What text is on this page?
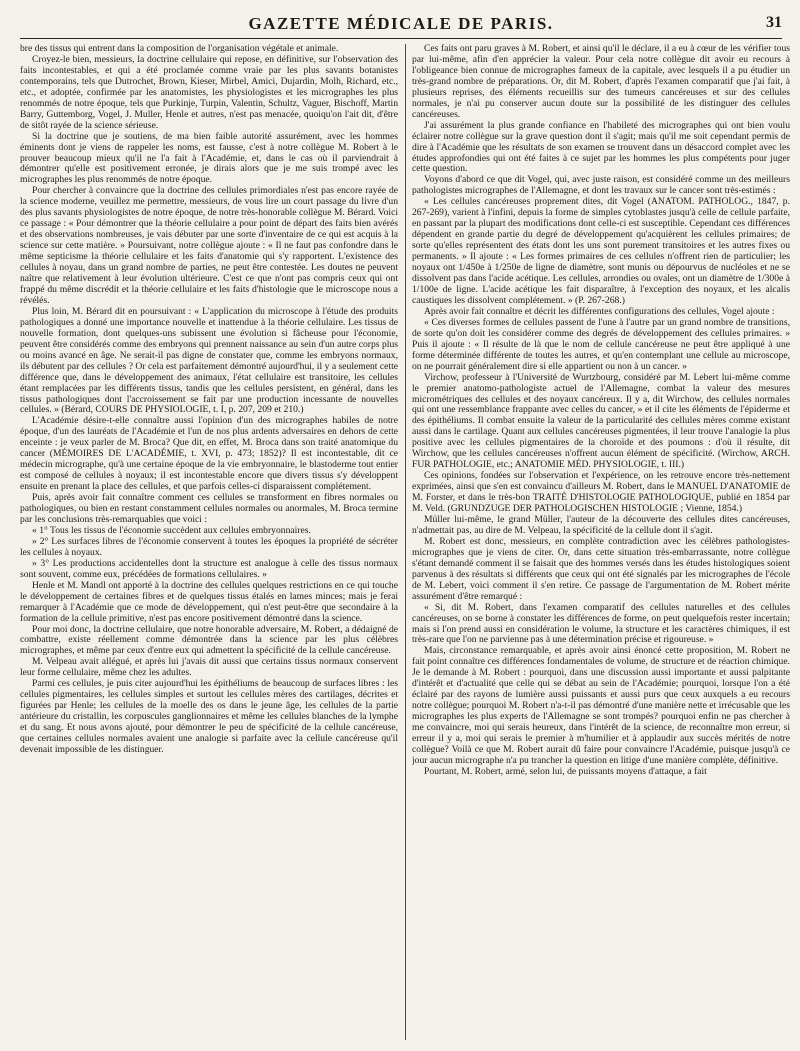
GAZETTE MÉDICALE DE PARIS.	31

bre des tissus qui entrent dans la composition de l'organisation végétale et animale.

Croyez-le bien, messieurs, la doctrine cellulaire qui repose, en définitive, sur l'observation des faits incontestables, et qui a été proclamée comme vraie par les plus savants botanistes contemporains, tels que Dutrochet, Brown, Kieser, Mirbel, Amici, Dujardin, Molh, Richard, etc., etc., et adoptée, confirmée par les anatomistes, les physiologistes et les micrographes les plus renommés de notre époque, tels que Purkinje, Turpin, Valentin, Schultz, Vaguer, Bischoff, Martin Barry, Guttemborg, Vogel, J. Muller, Henle et autres, n'est pas menacée, quoiqu'on l'ait dit, d'être de sitôt rayée de la science sérieuse.

Si la doctrine que je soutiens, de ma bien faible autorité assurément, avec les hommes éminents dont je viens de rappeler les noms, est fausse, c'est à notre collègue M. Robert à le prouver beaucoup mieux qu'il ne l'a fait à l'Académie, et, dans le cas où il parviendrait à démontrer qu'elle est positivement erronée, je dirais alors que je me suis trompé avec les micrographes les plus renommés de notre époque.

Pour chercher à convaincre que la doctrine des cellules primordiales n'est pas encore rayée de la science moderne, veuillez me permettre, messieurs, de vous lire un court passage du livre d'un des plus savants physiologistes de notre époque, de notre très-honorable collègue M. Bérard. Voici ce passage : « Pour démontrer que la théorie cellulaire a pour point de départ des faits bien avérés et des observations nombreuses, je vais débuter par une sorte d'inventaire de ce qui est acquis à la science sur cette matière. » Poursuivant, notre collègue ajoute : « Il ne faut pas confondre dans le même septicisme la théorie cellulaire et les faits d'anatomie qui s'y rapportent. L'existence des cellules à noyau, dans un grand nombre de parties, ne peut être contestée. Les doutes ne peuvent naître que relativement à leur évolution ultérieure. C'est ce que n'ont pas compris ceux qui ont frappé du même discrédit et la théorie cellulaire et les faits d'histologie que le microscope nous a révélés.

Plus loin, M. Bérard dit en poursuivant : « L'application du microscope à l'étude des produits pathologiques a donné une importance nouvelle et inattendue à la théorie cellulaire. Les tissus de nouvelle formation, dont quelques-uns subissent une évolution si fâcheuse pour l'économie, peuvent être considérés comme des embryons qui prennent naissance au sein d'un autre corps plus ou moins avancé en âge. Ne serait-il pas digne de constater que, comme les embryons normaux, ils débutent par des cellules ? Or cela est parfaitement démontré aujourd'hui, il y a seulement cette différence que, dans le développement des animaux, l'état cellulaire est transitoire, les cellules étant remplacées par les différents tissus, tandis que les cellules persistent, en général, dans les tissus pathologiques dont l'accroissement se fait par une production incessante de nouvelles cellules. » (Bérard, COURS DE PHYSIOLOGIE, t. I, p. 207, 209 et 210.)

L'Académie désire-t-elle connaître aussi l'opinion d'un des micrographes habiles de notre époque, d'un des lauréats de l'Académie et l'un de nos plus ardents adversaires en dehors de cette enceinte : je veux parler de M. Broca? Que dit, en effet, M. Broca dans son traité anatomique du cancer (MÉMOIRES DE L'ACADÉMIE, t. XVI, p. 473; 1852)? Il est incontestable, dit ce médecin micrographe, qu'à une certaine époque de la vie embryonnaire, le blastoderme tout entier est composé de cellules à noyaux; il est incontestable encore que divers tissus s'y développent ensuite en prenant la place des cellules, et que parfois celles-ci disparaissent complétement.

Puis, après avoir fait connaître comment ces cellules se transforment en fibres normales ou pathologiques, ou bien en restant constamment cellules normales ou anormales, M. Broca termine par les conclusions très-remarquables que voici :

« 1° Tous les tissus de l'économie succèdent aux cellules embryonnaires.

» 2° Les surfaces libres de l'économie conservent à toutes les époques la propriété de sécréter les cellules à noyaux.

» 3° Les productions accidentelles dont la structure est analogue à celle des tissus normaux sont souvent, comme eux, précédées de formations cellulaires. »

Henle et M. Mandl ont apporté à la doctrine des cellules quelques restrictions en ce qui touche le développement de certaines fibres et de quelques tissus étalés en lames minces; mais je ferai remarquer à l'Académie que ce mode de développement, qui n'est peut-être que secondaire à la formation de la cellule primitive, n'est pas encore positivement démontré dans la science.

Pour moi donc, la doctrine cellulaire, que notre honorable adversaire, M. Robert, a dédaigné de combattre, existe réellement comme démontrée dans la science par les plus célèbres micrographes, et même par ceux d'entre eux qui admettent la spécificité de la cellule cancéreuse.

M. Velpeau avait allégué, et après lui j'avais dit aussi que certains tissus normaux conservent leur forme cellulaire, même chez les adultes.

Parmi ces cellules, je puis citer aujourd'hui les épithéliums de beaucoup de surfaces libres : les cellules pigmentaires, les cellules simples et surtout les cellules mères des cartilages, décrites et figurées par Henle; les cellules de la moelle des os dans le jeune âge, les cellules de la partie antérieure du cristallin, les corpuscules ganglionnaires et même les cellules blanches de la lymphe et du sang. Et nous avons ajouté, pour démontrer le peu de spécificité de la cellule cancéreuse, que certaines cellules normales avaient une analogie si parfaite avec la cellule cancéreuse qu'il devenait impossible de les distinguer.

Ces faits ont paru graves à M. Robert, et ainsi qu'il le déclare, il a eu à cœur de les vérifier tous par lui-même, afin d'en apprécier la valeur. Pour cela notre collègue dit avoir eu recours à l'obligeance bien connue de micrographes fameux de la capitale, avec lesquels il a pu étudier un très-grand nombre de préparations. Or, dit M. Robert, d'après l'examen comparatif que j'ai fait, à plusieurs reprises, des éléments recueillis sur des tumeurs cancéreuses et sur des cellules normales, je n'ai pu conserver aucun doute sur la possibilité de les distinguer des cellules cancéreuses.

J'ai assurément la plus grande confiance en l'habileté des micrographes qui ont bien voulu éclairer notre collègue sur la grave question dont il s'agit; mais qu'il me soit cependant permis de dire à l'Académie que les résultats de son examen se trouvent dans un désaccord complet avec les études approfondies qui ont été faites à ce sujet par les hommes les plus compétents pour juger cette question.

Voyons d'abord ce que dit Vogel, qui, avec juste raison, est considéré comme un des meilleurs pathologistes micrographes de l'Allemagne, et dont les travaux sur le cancer sont très-estimés :

« Les cellules cancéreuses proprement dites, dit Vogel (ANATOM. PATHOLOG., 1847, p. 267-269), varient à l'infini, depuis la forme de simples cytoblastes jusqu'à celle de cellule parfaite, en passant par la plupart des modifications dont celle-ci est susceptible. Cependant ces différences dépendent en grande partie du degré de développement qu'acquièrent les cellules primaires; de sorte qu'elles représentent des états dont les uns sont purement transitoires et les autres fixes ou permanents. » Il ajoute : « Les formes primaires de ces cellules n'offrent rien de particulier; les noyaux ont 1/450e à 1/250e de ligne de diamètre, sont munis ou dépourvus de nucléoles et ne se dissolvent pas dans l'acide acétique. Les cellules, arrondies ou ovales, ont un diamètre de 1/300e à 1/100e de ligne. L'acide acétique les fait disparaître, à l'exception des noyaux, et les alcalis caustiques les dissolvent complétement. » (P. 267-268.)

Après avoir fait connaître et décrit les différentes configurations des cellules, Vogel ajoute :

« Ces diverses formes de cellules passent de l'une à l'autre par un grand nombre de transitions, de sorte qu'on doit les considérer comme des degrés de développement des cellules primaires. » Puis il ajoute : « Il résulte de là que le nom de cellule cancéreuse ne peut être appliqué à une forme déterminée différente de toutes les autres, et qu'en contemplant une cellule au microscope, on ne pourrait généralement dire si elle appartient ou non à un cancer. »

Virchow, professeur à l'Université de Wurtzbourg, considéré par M. Lebert lui-même comme le premier anatomo-pathologiste actuel de l'Allemagne, combat la valeur des mesures micrométriques des cellules et des noyaux cancéreux. Il y a, dit Wirchow, des cellules normales qui ont une ressemblance frappante avec celles du cancer, » et il cite les éléments de l'épiderme et des épithéliums. Il combat ensuite la valeur de la particularité des cellules mères comme existant aussi dans le cartilage. Quant aux cellules cancéreuses pigmentées, il leur trouve l'analogie la plus positive avec les cellules pigmentaires de la choroïde et des poumons : d'où il résulte, dit Wirchow, que les cellules cancéreuses n'offrent aucun élément de spécificité. (Wirchow, ARCH. FUR PATHOLOGIE, etc.; ANATOMIE MÉD. PHYSIOLOGIE, t. III.)

Ces opinions, fondées sur l'observation et l'expérience, on les retrouve encore très-nettement exprimées, ainsi que s'en est convaincu d'ailleurs M. Robert, dans le MANUEL D'ANATOMIE de M. Forster, et dans le très-bon TRAITÉ D'HISTOLOGIE PATHOLOGIQUE, publié en 1854 par M. Veld. (GRUNDZUGE DER PATHOLOGISCHEN HISTOLOGIE ; Vienne, 1854.)

Müller lui-même, le grand Müller, l'auteur de la découverte des cellules dites cancéreuses, n'admettait pas, au dire de M. Velpeau, la spécificité de la cellule dont il s'agit.

M. Robert est donc, messieurs, en complète contradiction avec les célèbres pathologistes-micrographes que je viens de citer. Or, dans cette situation très-embarrassante, notre collègue s'étant demandé comment il se faisait que des hommes versés dans les études histologiques soient parvenus à des résultats si différents que ceux qui ont été signalés par les micrographes de l'école de M. Lebert, voici comment il s'en retire. Ce passage de l'argumentation de M. Robert mérite assurément d'être remarqué :

« Si, dit M. Robert, dans l'examen comparatif des cellules naturelles et des cellules cancéreuses, on se borne à constater les différences de forme, on peut quelquefois rester incertain; mais si l'on prend aussi en considération le volume, la structure et les caractères chimiques, il est très-rare que l'on ne parvienne pas à une détermination précise et rigoureuse. »

Mais, circonstance remarquable, et après avoir ainsi énoncé cette proposition, M. Robert ne fait point connaître ces différences fondamentales de volume, de structure et de réaction chimique. Je le demande à M. Robert : pourquoi, dans une discussion aussi importante et aussi palpitante d'intérêt et d'actualité que celle qui se débat au sein de l'Académie; pourquoi, lorsque l'on a été éclairé par des rayons de lumière aussi puissants et aussi purs que ceux auxquels a eu recours notre collègue; pourquoi M. Robert n'a-t-il pas démontré d'une manière nette et irrécusable que les micrographes les plus experts de l'Allemagne se sont trompés? pourquoi enfin ne pas chercher à me convaincre, moi qui serais heureux, dans l'intérêt de la science, de reconnaître mon erreur, si erreur il y a, moi qui serais le premier à m'humilier et à applaudir aux succès mérités de notre collègue? Voilà ce que M. Robert aurait dû faire pour convaincre l'Académie, puisque jusqu'à ce jour aucun micrographe n'a pu trancher la question en litige d'une manière complète, définitive.

Pourtant, M. Robert, armé, selon lui, de puissants moyens d'attaque, a fait
